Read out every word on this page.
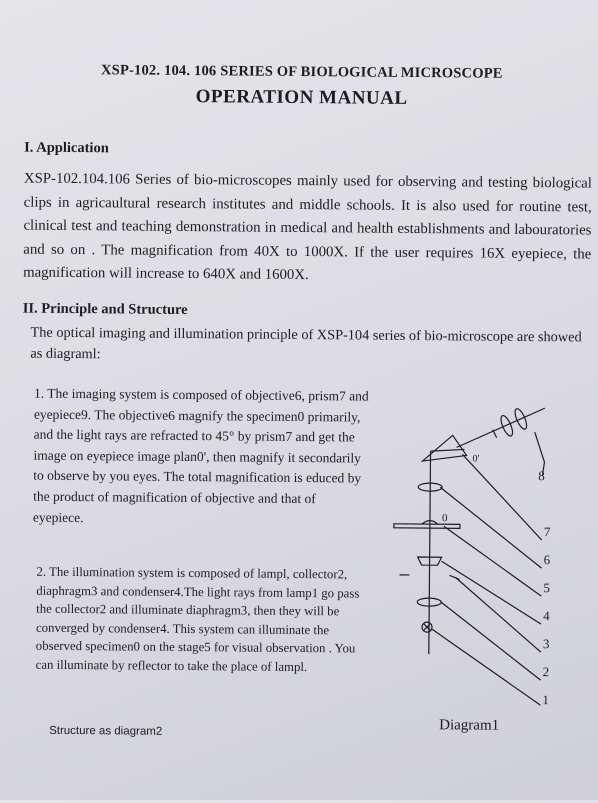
XSP-102. 104. 106 SERIES OF BIOLOGICAL MICROSCOPE
OPERATION MANUAL
I. Application
XSP-102.104.106 Series of bio-microscopes mainly used for observing and testing biological clips in agricaultural research institutes and middle schools. It is also used for routine test, clinical test and teaching demonstration in medical and health establishments and labouratories and so on . The magnification from 40X to 1000X. If the user requires 16X eyepiece, the magnification will increase to 640X and 1600X.
II. Principle and Structure
The optical imaging and illumination principle of XSP-104 series of bio-microscope are showed as diagraml:
1. The imaging system is composed of objective6, prism7 and eyepiece9. The objective6 magnify the specimen0 primarily, and the light rays are refracted to 45° by prism7 and get the image on eyepiece image plan0', then magnify it secondarily to observe by you eyes. The total magnification is educed by the product of magnification of objective and that of eyepiece.
2. The illumination system is composed of lampl, collector2, diaphragm3 and condenser4.The light rays from lamp1 go pass the collector2 and illuminate diaphragm3, then they will be converged by condenser4. This system can illuminate the observed specimen0 on the stage5 for visual observation . You can illuminate by reflector to take the place of lampl.
8
7
6
5
4
3
2
1
0
0'
Diagram1
Structure as diagram2
